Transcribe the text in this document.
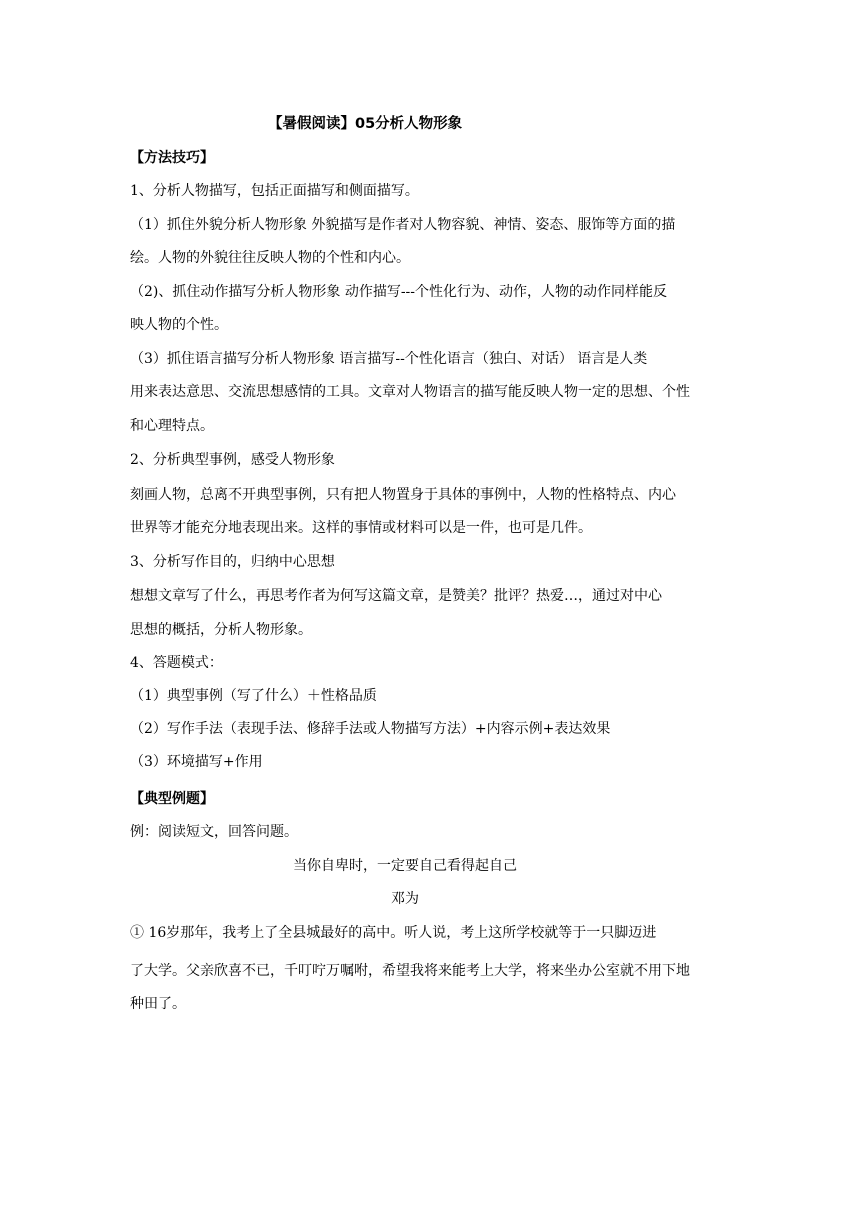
【暑假阅读】05分析人物形象
【方法技巧】
1、分析人物描写，包括正面描写和侧面描写。
（1）抓住外貌分析人物形象 外貌描写是作者对人物容貌、神情、姿态、服饰等方面的描
绘。人物的外貌往往反映人物的个性和内心。
（2)、抓住动作描写分析人物形象 动作描写---个性化行为、动作，人物的动作同样能反
映人物的个性。
（3）抓住语言描写分析人物形象 语言描写--个性化语言（独白、对话） 语言是人类
用来表达意思、交流思想感情的工具。文章对人物语言的描写能反映人物一定的思想、个性
和心理特点。
2、分析典型事例，感受人物形象
刻画人物，总离不开典型事例，只有把人物置身于具体的事例中，人物的性格特点、内心
世界等才能充分地表现出来。这样的事情或材料可以是一件，也可是几件。
3、分析写作目的，归纳中心思想
想想文章写了什么，再思考作者为何写这篇文章，是赞美？批评？热爱…，通过对中心
思想的概括，分析人物形象。
4、答题模式：
（1）典型事例（写了什么）＋性格品质
（2）写作手法（表现手法、修辞手法或人物描写方法）+内容示例+表达效果
（3）环境描写+作用
【典型例题】
例：阅读短文，回答问题。
当你自卑时，一定要自己看得起自己
邓为
① 16岁那年，我考上了全县城最好的高中。听人说，考上这所学校就等于一只脚迈进
了大学。父亲欣喜不已，千叮咛万嘱咐，希望我将来能考上大学，将来坐办公室就不用下地
种田了。
